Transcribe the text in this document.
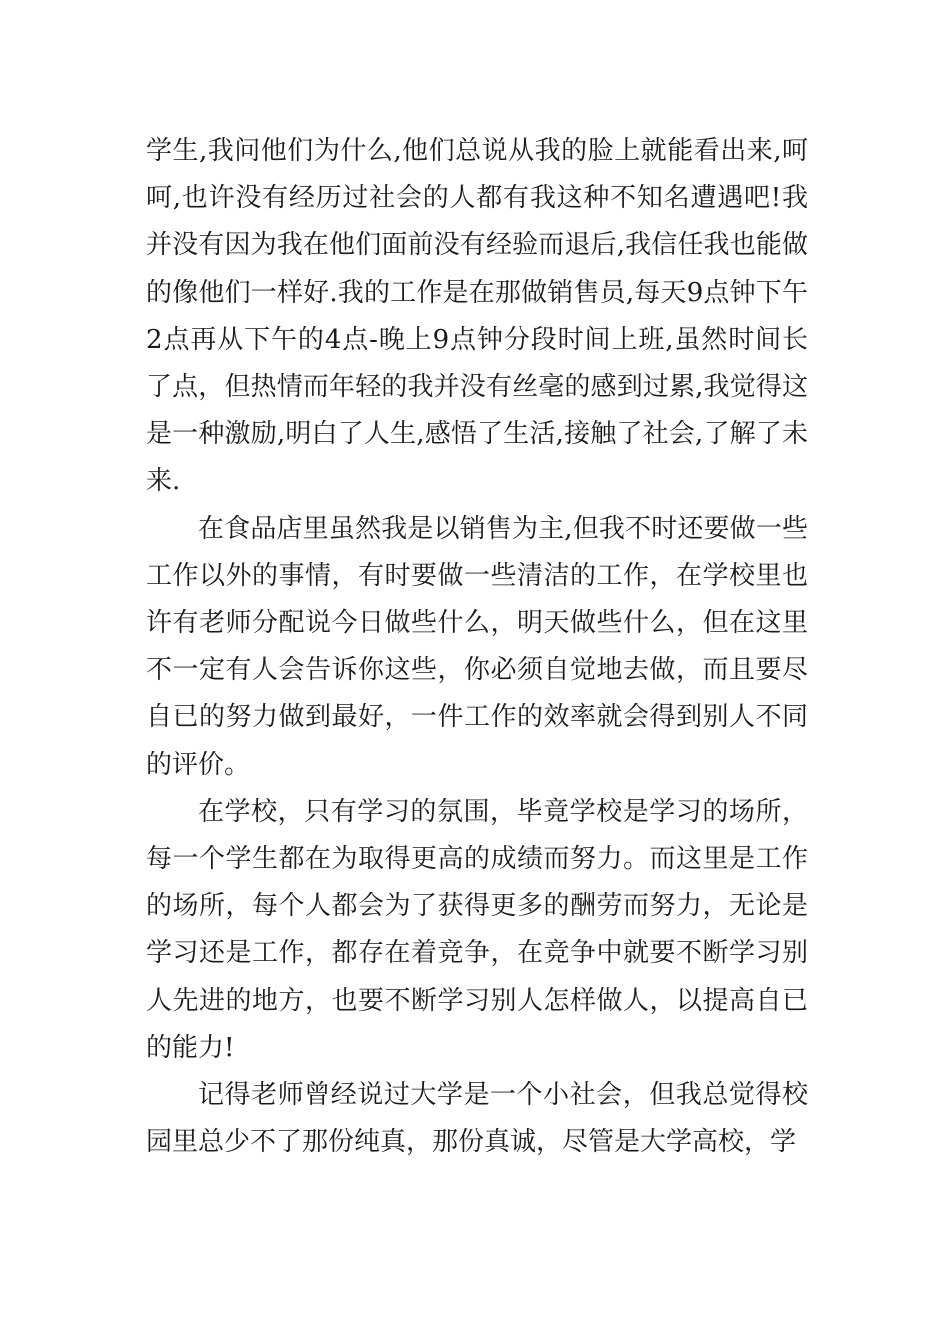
学生,我问他们为什么,他们总说从我的脸上就能看出来,呵呵,也许没有经历过社会的人都有我这种不知名遭遇吧!我并没有因为我在他们面前没有经验而退后,我信任我也能做的像他们一样好.我的工作是在那做销售员,每天9点钟下午2点再从下午的4点-晚上9点钟分段时间上班,虽然时间长了点，但热情而年轻的我并没有丝毫的感到过累,我觉得这是一种激励,明白了人生,感悟了生活,接触了社会,了解了未来.

在食品店里虽然我是以销售为主,但我不时还要做一些工作以外的事情，有时要做一些清洁的工作，在学校里也许有老师分配说今日做些什么，明天做些什么，但在这里不一定有人会告诉你这些，你必须自觉地去做，而且要尽自已的努力做到最好，一件工作的效率就会得到别人不同的评价。

在学校，只有学习的氛围，毕竟学校是学习的场所，每一个学生都在为取得更高的成绩而努力。而这里是工作的场所，每个人都会为了获得更多的酬劳而努力，无论是学习还是工作，都存在着竞争，在竞争中就要不断学习别人先进的地方，也要不断学习别人怎样做人，以提高自已的能力!

记得老师曾经说过大学是一个小社会，但我总觉得校园里总少不了那份纯真，那份真诚，尽管是大学高校，学
